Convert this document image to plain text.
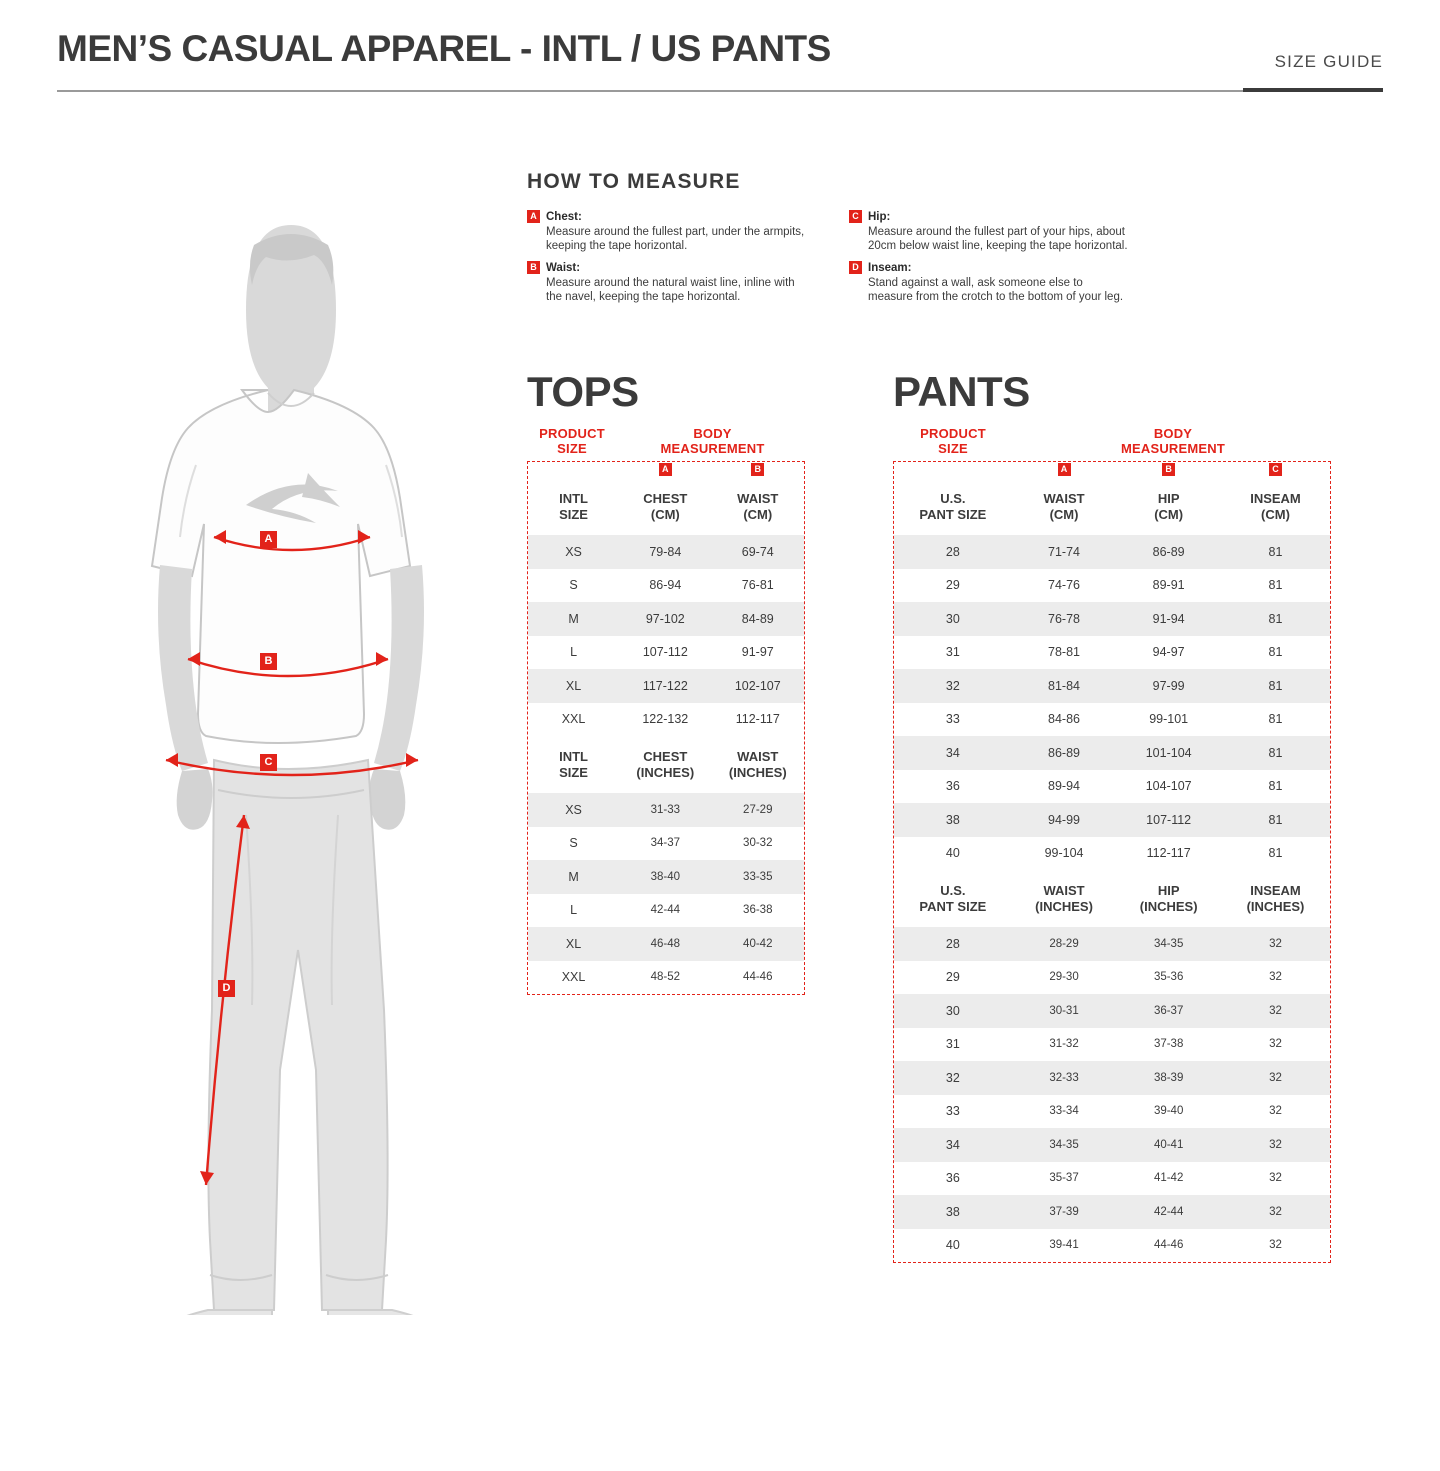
MEN’S CASUAL APPAREL - INTL / US PANTS	SIZE GUIDE
A
B
C
D
HOW TO MEASURE
A Chest:
Measure around the fullest part, under the armpits, keeping the tape horizontal.
B Waist:
Measure around the natural waist line, inline with the navel, keeping the tape horizontal.
C Hip:
Measure around the fullest part of your hips, about 20cm below waist line, keeping the tape horizontal.
D Inseam:
Stand against a wall, ask someone else to measure from the crotch to the bottom of your leg.
TOPS
PRODUCT
SIZE
BODY
MEASUREMENT
	A	B

INTL
SIZE

CHEST
(CM)

WAIST
(CM)

XS	79-84	69-74
S	86-94	76-81
M	97-102	84-89
L	107-112	91-97
XL	117-122	102-107
XXL	122-132	112-117

INTL
SIZE

CHEST
(INCHES)

WAIST
(INCHES)

XS	31-33	27-29
S	34-37	30-32
M	38-40	33-35
L	42-44	36-38
XL	46-48	40-42
XXL	48-52	44-46
PANTS
PRODUCT
SIZE
BODY
MEASUREMENT
	A	B	C

U.S.
PANT SIZE

WAIST
(CM)

HIP
(CM)

INSEAM
(CM)

28	71-74	86-89	81
29	74-76	89-91	81
30	76-78	91-94	81
31	78-81	94-97	81
32	81-84	97-99	81
33	84-86	99-101	81
34	86-89	101-104	81
36	89-94	104-107	81
38	94-99	107-112	81
40	99-104	112-117	81

U.S.
PANT SIZE

WAIST
(INCHES)

HIP
(INCHES)

INSEAM
(INCHES)

28	28-29	34-35	32
29	29-30	35-36	32
30	30-31	36-37	32
31	31-32	37-38	32
32	32-33	38-39	32
33	33-34	39-40	32
34	34-35	40-41	32
36	35-37	41-42	32
38	37-39	42-44	32
40	39-41	44-46	32
